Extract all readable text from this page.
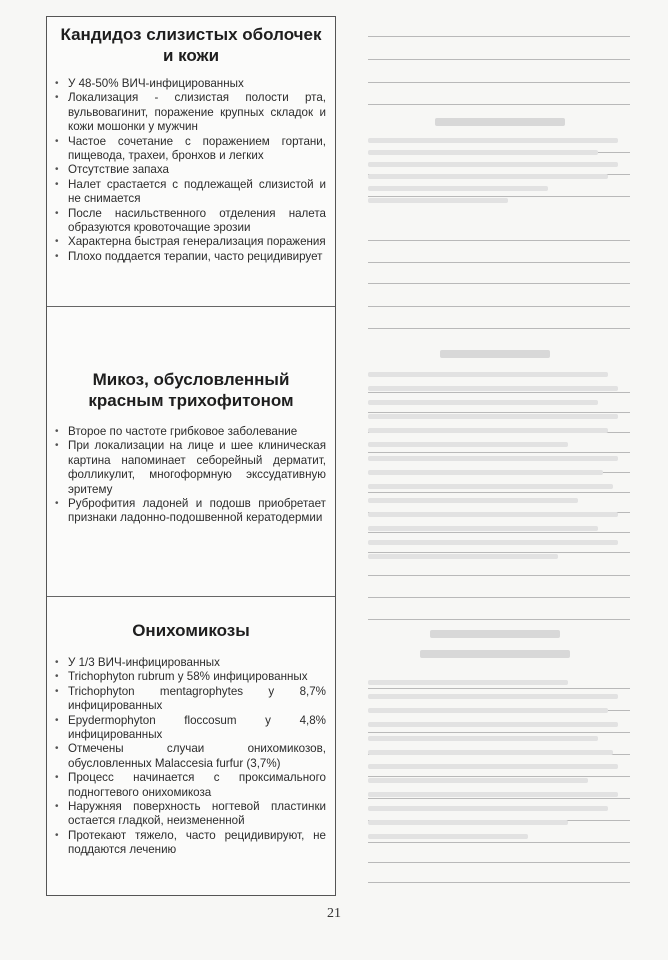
Кандидоз слизистых оболочек и кожи
• У 48-50% ВИЧ-инфицированных
• Локализация - слизистая полости рта, вульвовагинит, поражение крупных складок и кожи мошонки у мужчин
• Частое сочетание с поражением гортани, пищевода, трахеи, бронхов и легких
• Отсутствие запаха
• Налет срастается с подлежащей слизистой и не снимается
• После насильственного отделения налета образуются кровоточащие эрозии
• Характерна быстрая генерализация поражения
• Плохо поддается терапии, часто рецидивирует
Микоз, обусловленный красным трихофитоном
• Второе по частоте грибковое заболевание
• При локализации на лице и шее клиническая картина напоминает себорейный дерматит, фолликулит, многоформную экссудативную эритему
• Руброфития ладоней и подошв приобретает признаки ладонно-подошвенной кератодермии
Онихомикозы
• У 1/3 ВИЧ-инфицированных
• Trichophyton rubrum у 58% инфицированных
• Trichophyton mentagrophytes у 8,7% инфицированных
• Epydermophyton floccosum у 4,8% инфицированных
• Отмечены случаи онихомикозов, обусловленных Malaccesia furfur (3,7%)
• Процесс начинается с проксимального подногтевого онихомикоза
• Наружняя поверхность ногтевой пластинки остается гладкой, неизмененной
• Протекают тяжело, часто рецидивируют, не поддаются лечению
21
